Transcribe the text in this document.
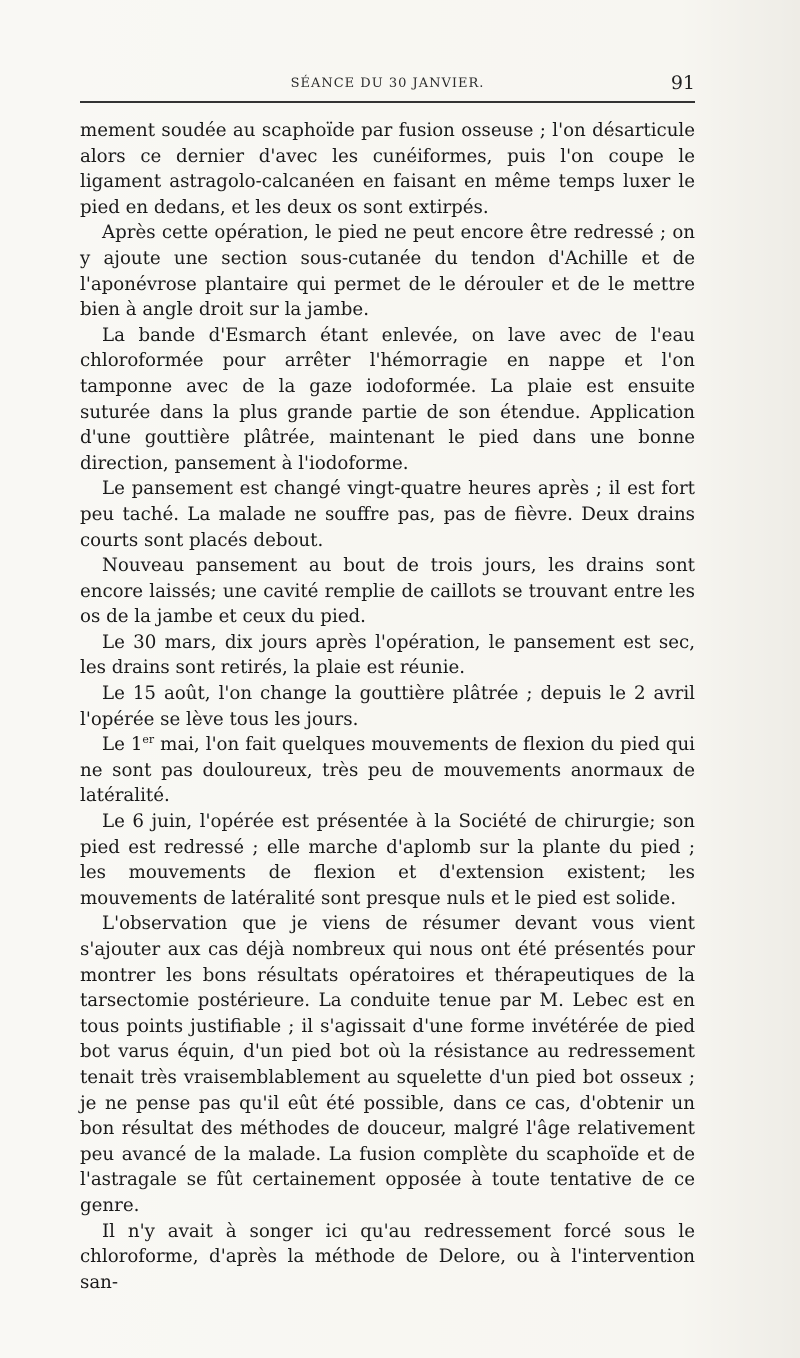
SÉANCE DU 30 JANVIER.	91

mement soudée au scaphoïde par fusion osseuse ; l'on désarticule alors ce dernier d'avec les cunéiformes, puis l'on coupe le ligament astragolo-calcanéen en faisant en même temps luxer le pied en dedans, et les deux os sont extirpés.

Après cette opération, le pied ne peut encore être redressé ; on y ajoute une section sous-cutanée du tendon d'Achille et de l'aponévrose plantaire qui permet de le dérouler et de le mettre bien à angle droit sur la jambe.

La bande d'Esmarch étant enlevée, on lave avec de l'eau chloroformée pour arrêter l'hémorragie en nappe et l'on tamponne avec de la gaze iodoformée. La plaie est ensuite suturée dans la plus grande partie de son étendue. Application d'une gouttière plâtrée, maintenant le pied dans une bonne direction, pansement à l'iodoforme.

Le pansement est changé vingt-quatre heures après ; il est fort peu taché. La malade ne souffre pas, pas de fièvre. Deux drains courts sont placés debout.

Nouveau pansement au bout de trois jours, les drains sont encore laissés; une cavité remplie de caillots se trouvant entre les os de la jambe et ceux du pied.

Le 30 mars, dix jours après l'opération, le pansement est sec, les drains sont retirés, la plaie est réunie.

Le 15 août, l'on change la gouttière plâtrée ; depuis le 2 avril l'opérée se lève tous les jours.

Le 1er mai, l'on fait quelques mouvements de flexion du pied qui ne sont pas douloureux, très peu de mouvements anormaux de latéralité.

Le 6 juin, l'opérée est présentée à la Société de chirurgie; son pied est redressé ; elle marche d'aplomb sur la plante du pied ; les mouvements de flexion et d'extension existent; les mouvements de latéralité sont presque nuls et le pied est solide.

L'observation que je viens de résumer devant vous vient s'ajouter aux cas déjà nombreux qui nous ont été présentés pour montrer les bons résultats opératoires et thérapeutiques de la tarsectomie postérieure. La conduite tenue par M. Lebec est en tous points justifiable ; il s'agissait d'une forme invétérée de pied bot varus équin, d'un pied bot où la résistance au redressement tenait très vraisemblablement au squelette d'un pied bot osseux ; je ne pense pas qu'il eût été possible, dans ce cas, d'obtenir un bon résultat des méthodes de douceur, malgré l'âge relativement peu avancé de la malade. La fusion complète du scaphoïde et de l'astragale se fût certainement opposée à toute tentative de ce genre.

Il n'y avait à songer ici qu'au redressement forcé sous le chloroforme, d'après la méthode de Delore, ou à l'intervention san-
